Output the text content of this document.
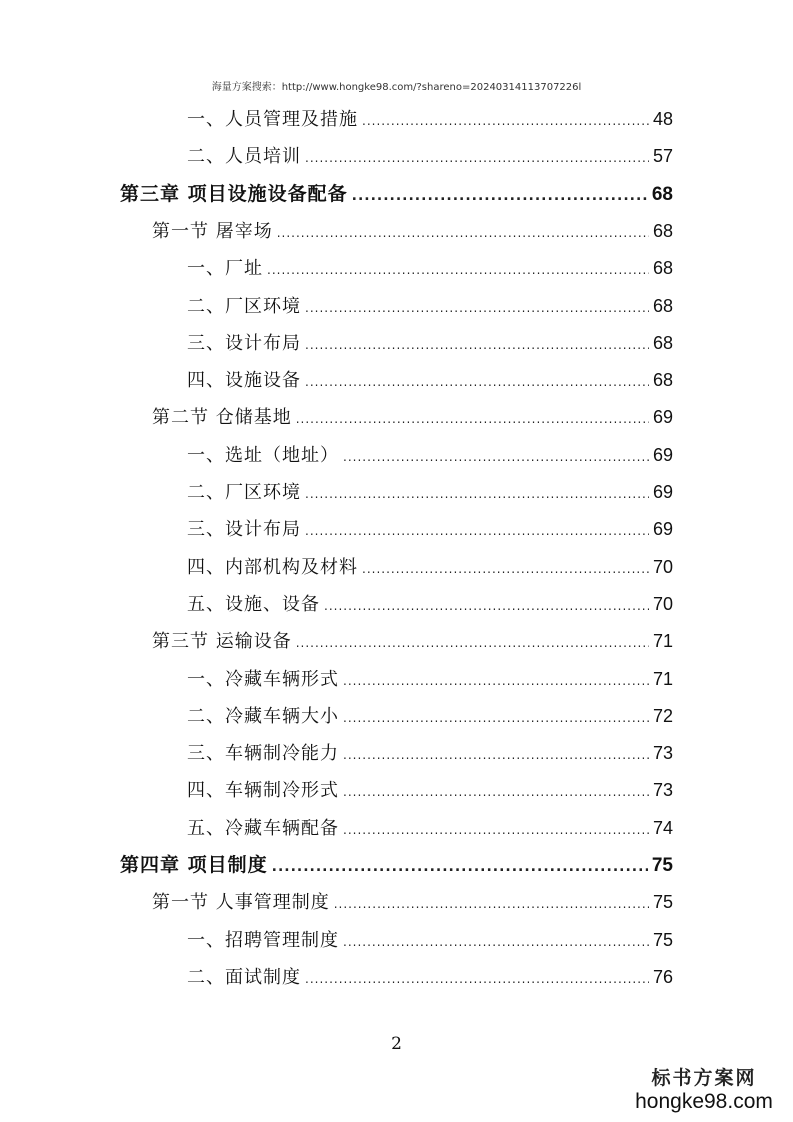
海量方案搜索：http://www.hongke98.com/?shareno=20240314113707226l
一、人员管理及措施 .....	48
二、人员培训 .....	57
第三章 项目设施设备配备 .....	68
第一节 屠宰场 .....	68
一、厂址 .....	68
二、厂区环境 .....	68
三、设计布局 .....	68
四、设施设备 .....	68
第二节 仓储基地 .....	69
一、选址（地址） .....	69
二、厂区环境 .....	69
三、设计布局 .....	69
四、内部机构及材料 .....	70
五、设施、设备 .....	70
第三节 运输设备 .....	71
一、冷藏车辆形式 .....	71
二、冷藏车辆大小 .....	72
三、车辆制冷能力 .....	73
四、车辆制冷形式 .....	73
五、冷藏车辆配备 .....	74
第四章 项目制度 .....	75
第一节 人事管理制度 .....	75
一、招聘管理制度 .....	75
二、面试制度 .....	76
2
标书方案网
hongke98.com
